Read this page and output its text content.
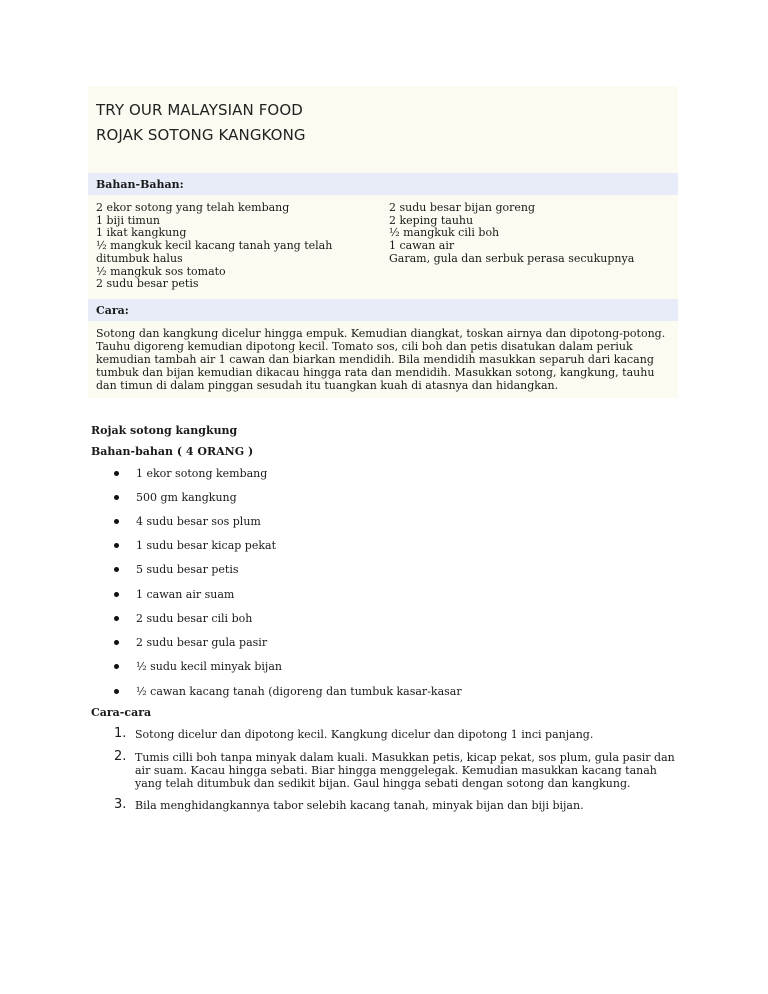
TRY OUR MALAYSIAN FOOD
ROJAK SOTONG KANGKONG
Bahan-Bahan:
2 ekor sotong yang telah kembang
1 biji timun
1 ikat kangkung
½ mangkuk kecil kacang tanah yang telah ditumbuk halus
½ mangkuk sos tomato
2 sudu besar petis
2 sudu besar bijan goreng
2 keping tauhu
½ mangkuk cili boh
1 cawan air
Garam, gula dan serbuk perasa secukupnya
Cara:
Sotong dan kangkung dicelur hingga empuk. Kemudian diangkat, toskan airnya dan dipotong-potong. Tauhu digoreng kemudian dipotong kecil. Tomato sos, cili boh dan petis disatukan dalam periuk kemudian tambah air 1 cawan dan biarkan mendidih. Bila mendidih masukkan separuh dari kacang tumbuk dan bijan kemudian dikacau hingga rata dan mendidih. Masukkan sotong, kangkung, tauhu dan timun di dalam pinggan sesudah itu tuangkan kuah di atasnya dan hidangkan.
Rojak sotong kangkung
Bahan-bahan ( 4 ORANG )
1 ekor sotong kembang
500 gm kangkung
4 sudu besar sos plum
1 sudu besar kicap pekat
5 sudu besar petis
1 cawan air suam
2 sudu besar cili boh
2 sudu besar gula pasir
½ sudu kecil minyak bijan
½ cawan kacang tanah (digoreng dan tumbuk kasar-kasar
Cara-cara
1. Sotong dicelur dan dipotong kecil. Kangkung dicelur dan dipotong 1 inci panjang.
2. Tumis cilli boh tanpa minyak dalam kuali. Masukkan petis, kicap pekat, sos plum, gula pasir dan air suam. Kacau hingga sebati. Biar hingga menggelegak. Kemudian masukkan kacang tanah yang telah ditumbuk dan sedikit bijan. Gaul hingga sebati dengan sotong dan kangkung.
3. Bila menghidangkannya tabor selebih kacang tanah, minyak bijan dan biji bijan.
